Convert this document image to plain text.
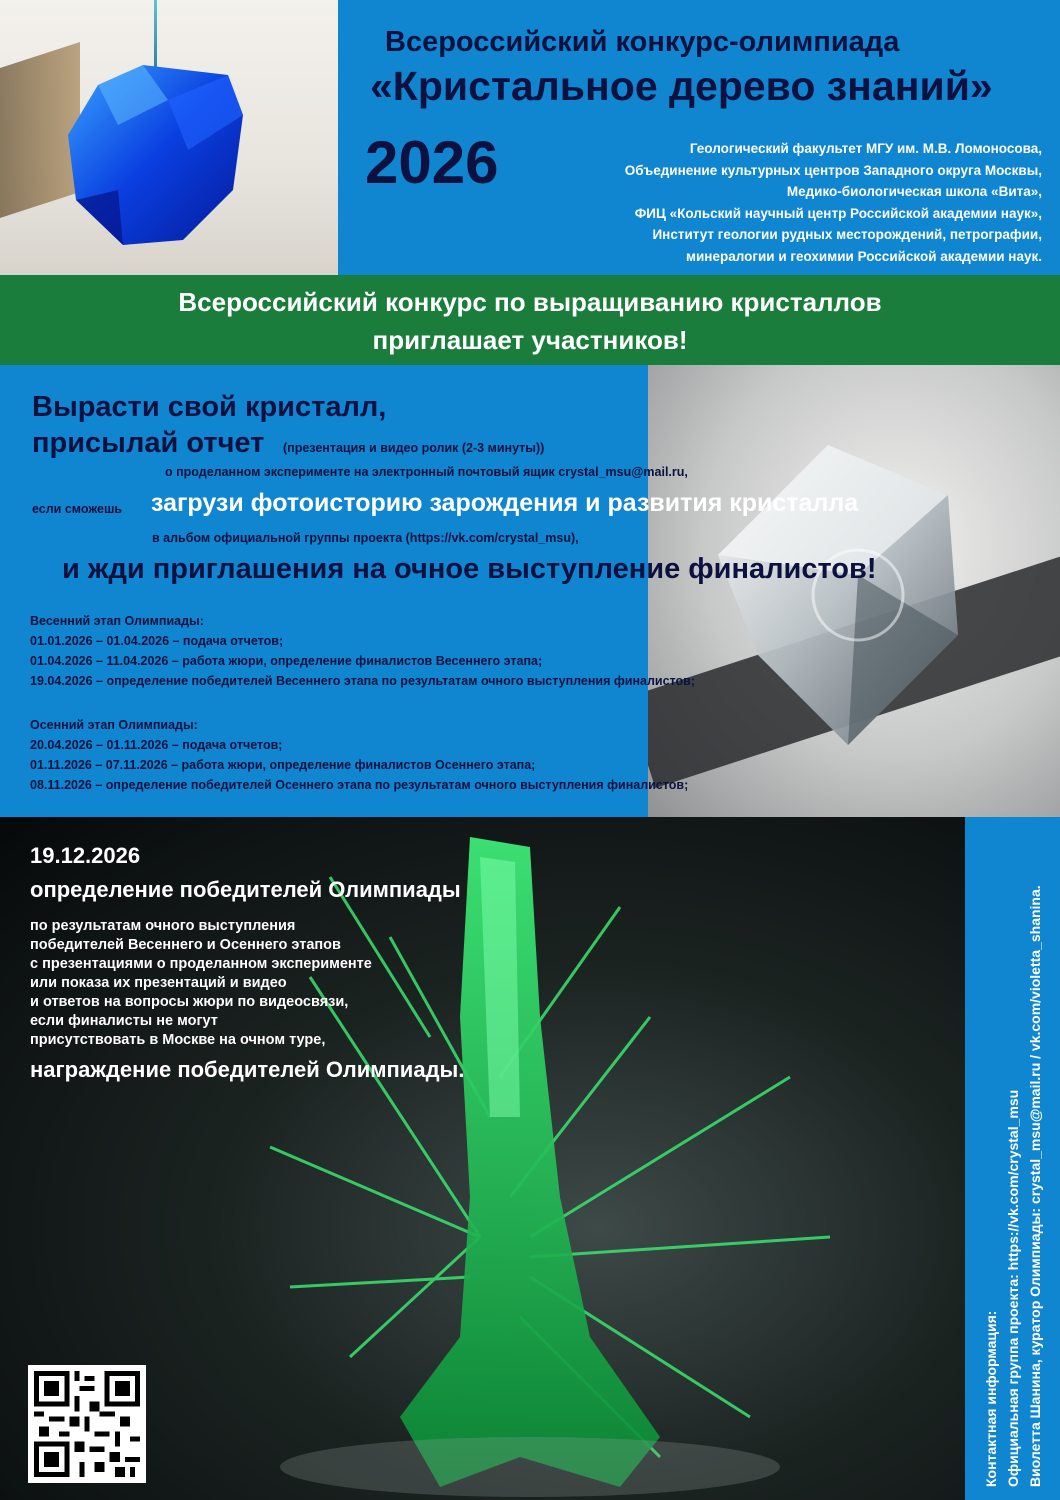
Всероссийский конкурс-олимпиада
«Кристальное дерево знаний»
2026	Геологический факультет МГУ им. М.В. Ломоносова,
Объединение культурных центров Западного округа Москвы,
Медико-биологическая школа «Вита»,
ФИЦ «Кольский научный центр Российской академии наук»,
Институт геологии рудных месторождений, петрографии,
минералогии и геохимии Российской академии наук.
Всероссийский конкурс по выращиванию кристаллов
приглашает участников!
Вырасти свой кристалл,
присылай отчет (презентация и видео ролик (2-3 минуты))
о проделанном эксперименте на электронный почтовый ящик crystal_msu@mail.ru,
если сможешь загрузи фотоисторию зарождения и развития кристалла
в альбом официальной группы проекта (https://vk.com/crystal_msu),
и жди приглашения на очное выступление финалистов!
Весенний этап Олимпиады:
01.01.2026 – 01.04.2026 – подача отчетов;
01.04.2026 – 11.04.2026 – работа жюри, определение финалистов Весеннего этапа;
19.04.2026 – определение победителей Весеннего этапа по результатам очного выступления финалистов;
Осенний этап Олимпиады:
20.04.2026 – 01.11.2026 – подача отчетов;
01.11.2026 – 07.11.2026 – работа жюри, определение финалистов Осеннего этапа;
08.11.2026 – определение победителей Осеннего этапа по результатам очного выступления финалистов;
19.12.2026
определение победителей Олимпиады
по результатам очного выступления
победителей Весеннего и Осеннего этапов
с презентациями о проделанном эксперименте
или показа их презентаций и видео
и ответов на вопросы жюри по видеосвязи,
если финалисты не могут
присутствовать в Москве на очном туре,
награждение победителей Олимпиады.
Контактная информация: Официальная группа проекта: https://vk.com/crystal_msu Виолетта Шанина, куратор Олимпиады: crystal_msu@mail.ru / vk.com/violetta_shanina.
